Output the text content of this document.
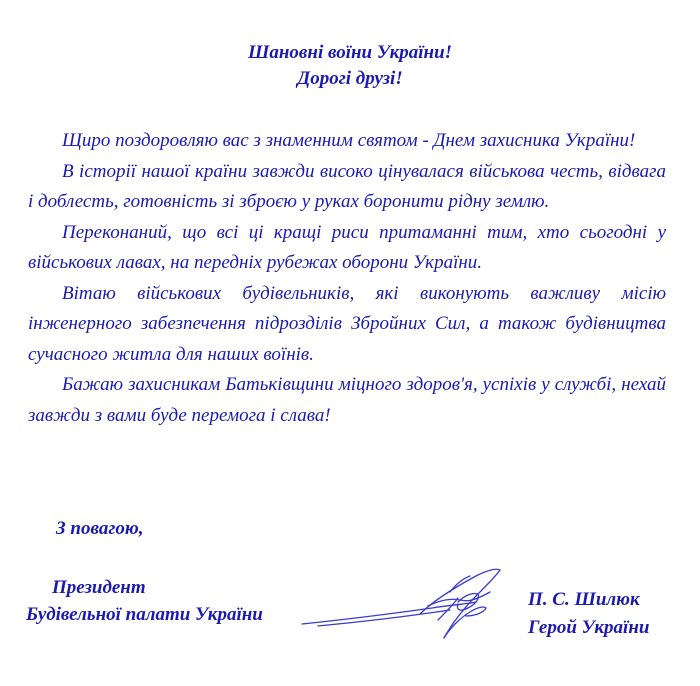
Шановні воїни України!
Дорогі друзі!

Щиро поздоровляю вас з знаменним святом - Днем захисника України!

В історії нашої країни завжди високо цінувалася військова честь, відвага і доблесть, готовність зі зброєю у руках боронити рідну землю.

Переконаний, що всі ці кращі риси притаманні тим, хто сьогодні у військових лавах, на передніх рубежах оборони України.

Вітаю військових будівельників, які виконують важливу місію інженерного забезпечення підрозділів Збройних Сил, а також будівництва сучасного житла для наших воїнів.

Бажаю захисникам Батьківщини міцного здоров'я, успіхів у службі, нехай завжди з вами буде перемога і слава!

З повагою,
Президент
Будівельної палати України
П. С. Шилюк
Герой України
